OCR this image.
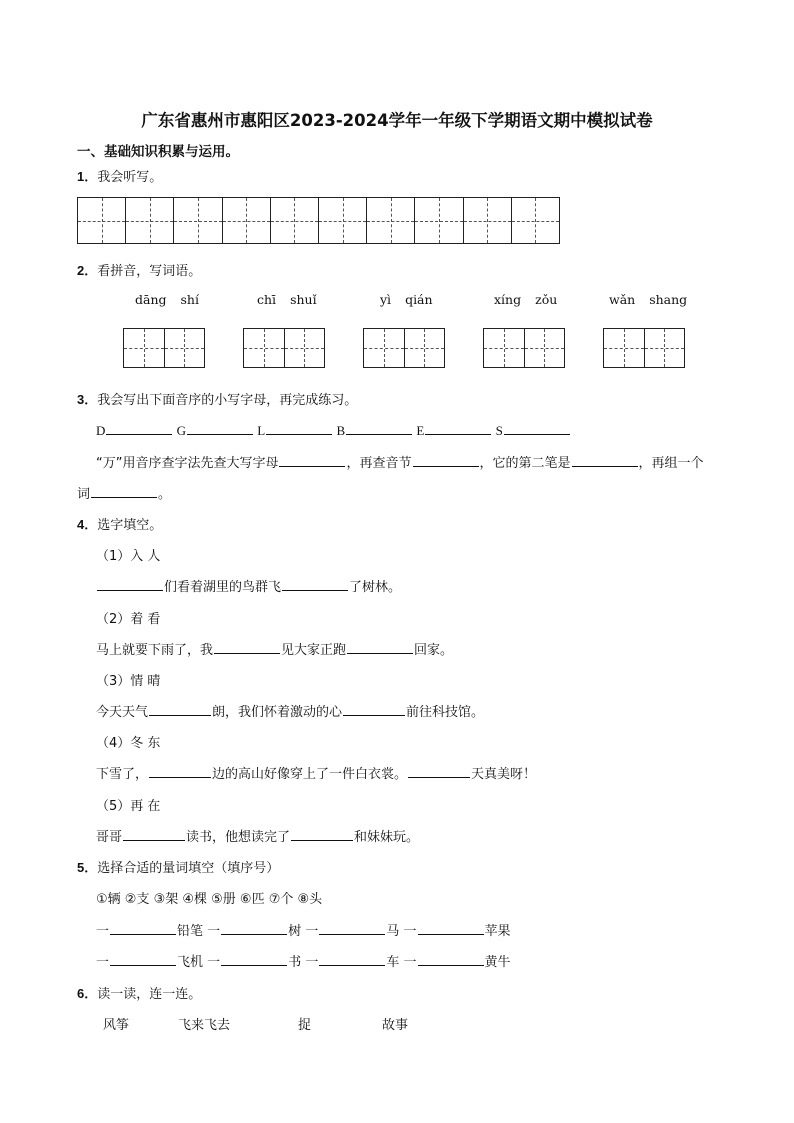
广东省惠州市惠阳区2023-2024学年一年级下学期语文期中模拟试卷
一、基础知识积累与运用。
1．我会听写。
2．看拼音，写词语。
dāng shí	chī shuǐ	yì qián	xíng zǒu	wǎn shang
3．我会写出下面音序的小写字母，再完成练习。
D	G	L	B	E	S
“万”用音序查字法先查大写字母	，再查音节	，它的第二笔是	，再组一个
词	。
4．选字填空。
（1）入 人
们看着湖里的鸟群飞	了树林。
（2）着 看
马上就要下雨了，我	见大家正跑	回家。
（3）情 晴
今天天气	朗，我们怀着激动的心	前往科技馆。
（4）冬 东
下雪了，	边的高山好像穿上了一件白衣裳。	天真美呀！
（5）再 在
哥哥	读书，他想读完了	和妹妹玩。
5．选择合适的量词填空（填序号）
①辆 ②支 ③架 ④棵 ⑤册 ⑥匹 ⑦个 ⑧头
一	铅笔 一	树 一	马 一	苹果
一	飞机 一	书 一	车 一	黄牛
6．读一读，连一连。
风筝	飞来飞去	捉	故事
